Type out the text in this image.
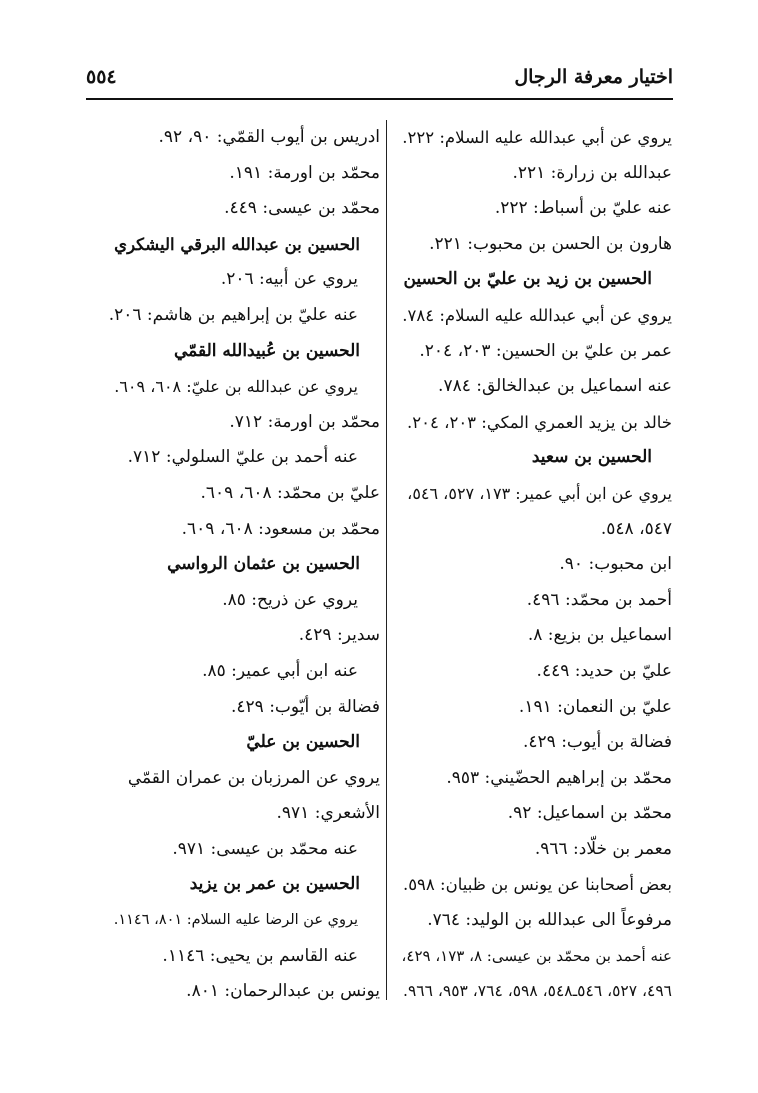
٥٥٤	اختيار معرفة الرجال
يروي عن أبي عبدالله عليه السلام: ٢٢٢.
عبدالله بن زرارة: ٢٢١.
عنه عليّ بن أسباط: ٢٢٢.
هارون بن الحسن بن محبوب: ٢٢١.
الحسين بن زيد بن عليّ بن الحسين
يروي عن أبي عبدالله عليه السلام: ٧٨٤.
عمر بن عليّ بن الحسين: ٢٠٣، ٢٠٤.
عنه اسماعيل بن عبدالخالق: ٧٨٤.
خالد بن يزيد العمري المكي: ٢٠٣، ٢٠٤.
الحسين بن سعيد
يروي عن ابن أبي عمير: ١٧٣، ٥٢٧، ٥٤٦،
٥٤٧، ٥٤٨.
ابن محبوب: ٩٠.
أحمد بن محمّد: ٤٩٦.
اسماعيل بن بزيع: ٨.
عليّ بن حديد: ٤٤٩.
عليّ بن النعمان: ١٩١.
فضالة بن أيوب: ٤٢٩.
محمّد بن إبراهيم الحضّيني: ٩٥٣.
محمّد بن اسماعيل: ٩٢.
معمر بن خلّاد: ٩٦٦.
بعض أصحابنا عن يونس بن ظبيان: ٥٩٨.
مرفوعاً الى عبدالله بن الوليد: ٧٦٤.
عنه أحمد بن محمّد بن عيسى: ٨، ١٧٣، ٤٢٩،
٤٩٦، ٥٢٧، ٥٤٦ـ٥٤٨، ٥٩٨، ٧٦٤، ٩٥٣، ٩٦٦.
ادريس بن أيوب القمّي: ٩٠، ٩٢.
محمّد بن اورمة: ١٩١.
محمّد بن عيسى: ٤٤٩.
الحسين بن عبدالله البرقي اليشكري
يروي عن أبيه: ٢٠٦.
عنه عليّ بن إبراهيم بن هاشم: ٢٠٦.
الحسين بن عُبيدالله القمّي
يروي عن عبدالله بن عليّ: ٦٠٨، ٦٠٩.
محمّد بن اورمة: ٧١٢.
عنه أحمد بن عليّ السلولي: ٧١٢.
عليّ بن محمّد: ٦٠٨، ٦٠٩.
محمّد بن مسعود: ٦٠٨، ٦٠٩.
الحسين بن عثمان الرواسي
يروي عن ذريح: ٨٥.
سدير: ٤٢٩.
عنه ابن أبي عمير: ٨٥.
فضالة بن أيّوب: ٤٢٩.
الحسين بن عليّ
يروي عن المرزبان بن عمران القمّي
الأشعري: ٩٧١.
عنه محمّد بن عيسى: ٩٧١.
الحسين بن عمر بن يزيد
يروي عن الرضا عليه السلام: ٨٠١، ١١٤٦.
عنه القاسم بن يحيى: ١١٤٦.
يونس بن عبدالرحمان: ٨٠١.
